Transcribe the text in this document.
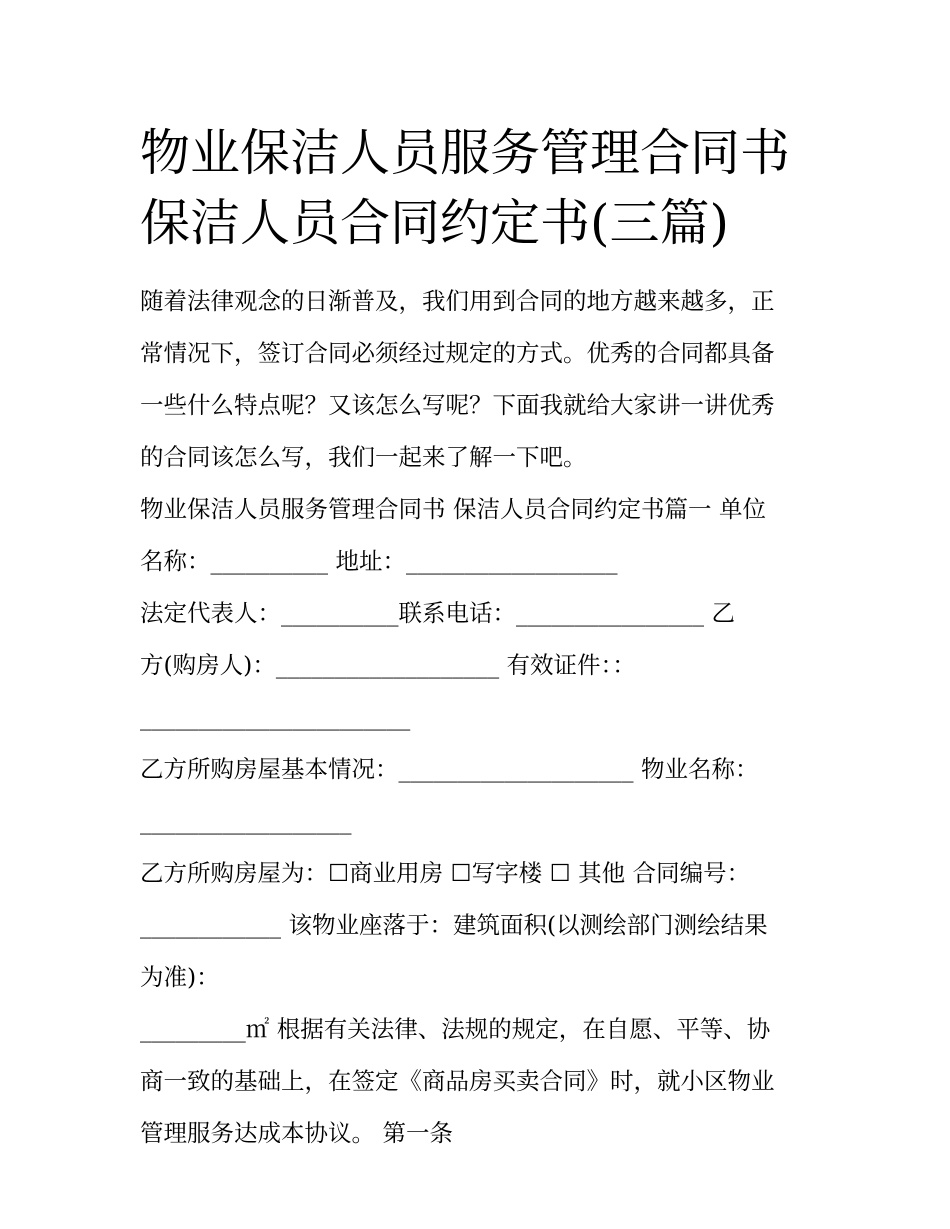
物业保洁人员服务管理合同书
保洁人员合同约定书(三篇)
随着法律观念的日渐普及，我们用到合同的地方越来越多，正
常情况下，签订合同必须经过规定的方式。优秀的合同都具备
一些什么特点呢？又该怎么写呢？下面我就给大家讲一讲优秀
的合同该怎么写，我们一起来了解一下吧。
物业保洁人员服务管理合同书 保洁人员合同约定书篇一 单位
名称：__________ 地址：__________________
法定代表人：__________联系电话：________________ 乙
方(购房人)：___________________ 有效证件：：
_______________________
乙方所购房屋基本情况：____________________ 物业名称：
__________________
乙方所购房屋为：☐商业用房 ☐写字楼 ☐ 其他 合同编号：
____________ 该物业座落于：建筑面积(以测绘部门测绘结果
为准)：
_________㎡ 根据有关法律、法规的规定，在自愿、平等、协
商一致的基础上，在签定《商品房买卖合同》时，就小区物业
管理服务达成本协议。 第一条
